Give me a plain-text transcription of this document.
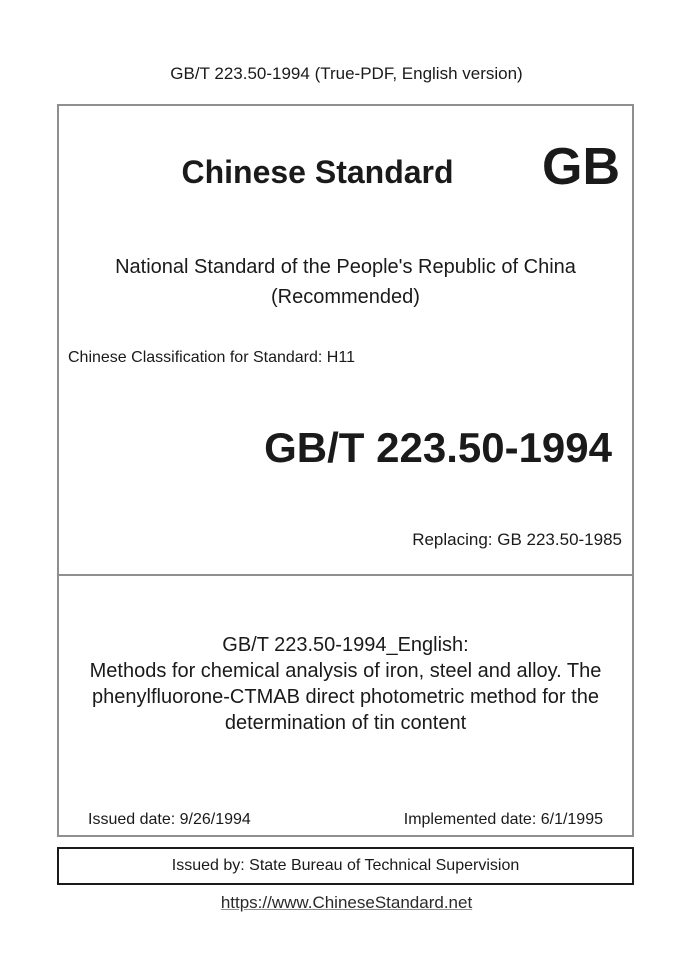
GB/T 223.50-1994 (True-PDF, English version)
Chinese Standard	GB
National Standard of the People's Republic of China
(Recommended)
Chinese Classification for Standard: H11
GB/T 223.50-1994
Replacing: GB 223.50-1985
GB/T 223.50-1994_English:
Methods for chemical analysis of iron, steel and alloy. The
phenylfluorone-CTMAB direct photometric method for the
determination of tin content
Issued date: 9/26/1994	Implemented date: 6/1/1995
Issued by: State Bureau of Technical Supervision
https://www.ChineseStandard.net
